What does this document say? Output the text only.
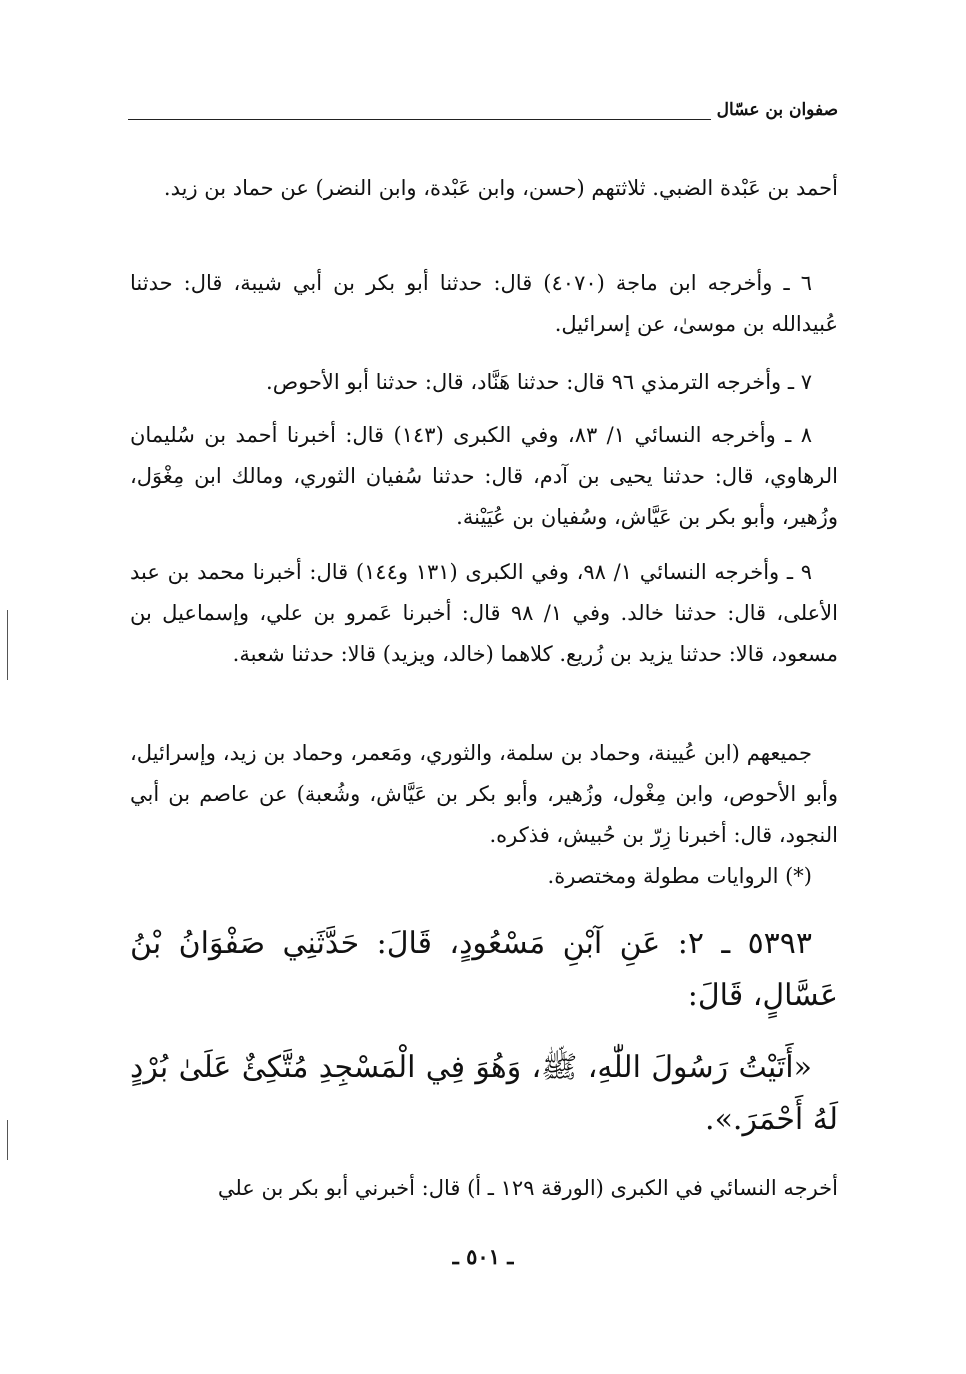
صفوان بن عسّال

أحمد بن عَبْدة الضبي. ثلاثتهم (حسن، وابن عَبْدة، وابن النضر) عن حماد بن زيد.

٦ ـ وأخرجه ابن ماجة (٤٠٧٠) قال: حدثنا أبو بكر بن أبي شيبة، قال: حدثنا عُبيدالله بن موسىٰ، عن إسرائيل.

٧ ـ وأخرجه الترمذي ٩٦ قال: حدثنا هَنَّاد، قال: حدثنا أبو الأحوص.

٨ ـ وأخرجه النسائي ١/ ٨٣، وفي الكبرى (١٤٣) قال: أخبرنا أحمد بن سُليمان الرهاوي، قال: حدثنا يحيى بن آدم، قال: حدثنا سُفيان الثوري، ومالك ابن مِغْوَل، وزُهير، وأبو بكر بن عَيَّاش، وسُفيان بن عُيَيْنة.

٩ ـ وأخرجه النسائي ١/ ٩٨، وفي الكبرى (١٣١ و١٤٤) قال: أخبرنا محمد بن عبد الأعلى، قال: حدثنا خالد. وفي ١/ ٩٨ قال: أخبرنا عَمرو بن علي، وإسماعيل بن مسعود، قالا: حدثنا يزيد بن زُريع. كلاهما (خالد، ويزيد) قالا: حدثنا شعبة.

جميعهم (ابن عُيينة، وحماد بن سلمة، والثوري، ومَعمر، وحماد بن زيد، وإسرائيل، وأبو الأحوص، وابن مِغْول، وزُهير، وأبو بكر بن عَيَّاش، وشُعبة) عن عاصم بن أبي النجود، قال: أخبرنا زِرّ بن حُبيش، فذكره.

(*) الروايات مطولة ومختصرة.

٥٣٩٣ ـ ٢: عَنِ آبْنِ مَسْعُودٍ، قَالَ: حَدَّثَنِي صَفْوَانُ بْنُ عَسَّالٍ، قَالَ:

«أَتَيْتُ رَسُولَ اللّٰهِ، ﷺ، وَهُوَ فِي الْمَسْجِدِ مُتَّكِئٌ عَلَىٰ بُرْدٍ لَهُ أَحْمَرَ.».

أخرجه النسائي في الكبرى (الورقة ١٢٩ ـ أ) قال: أخبرني أبو بكر بن علي

ـ ٥٠١ ـ
